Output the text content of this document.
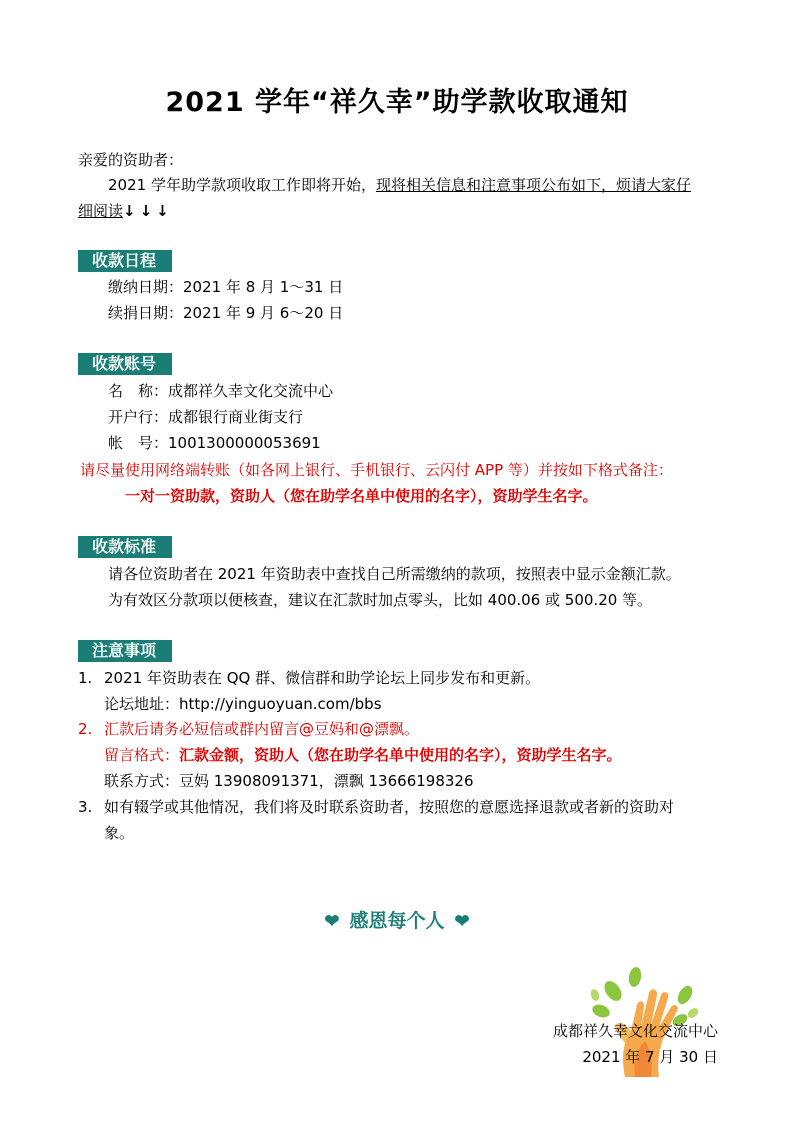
2021 学年“祥久幸”助学款收取通知
亲爱的资助者：
2021 学年助学款项收取工作即将开始，现将相关信息和注意事项公布如下，烦请大家仔
细阅读↓↓↓
收款日程
缴纳日期：2021 年 8 月 1～31 日
续捐日期：2021 年 9 月 6～20 日
收款账号
名　称：成都祥久幸文化交流中心
开户行：成都银行商业街支行
帐　号：1001300000053691
请尽量使用网络端转账（如各网上银行、手机银行、云闪付 APP 等）并按如下格式备注：
一对一资助款，资助人（您在助学名单中使用的名字），资助学生名字。
收款标准
请各位资助者在 2021 年资助表中查找自己所需缴纳的款项，按照表中显示金额汇款。
为有效区分款项以便核查，建议在汇款时加点零头，比如 400.06 或 500.20 等。
注意事项
1. 2021 年资助表在 QQ 群、微信群和助学论坛上同步发布和更新。
论坛地址：http://yinguoyuan.com/bbs
2. 汇款后请务必短信或群内留言@豆妈和@漂飘。
留言格式：汇款金额，资助人（您在助学名单中使用的名字），资助学生名字。
联系方式：豆妈 13908091371，漂飘 13666198326
3. 如有辍学或其他情况，我们将及时联系资助者，按照您的意愿选择退款或者新的资助对
象。
❤ 感恩每个人 ❤
成都祥久幸文化交流中心
2021 年 7 月 30 日
